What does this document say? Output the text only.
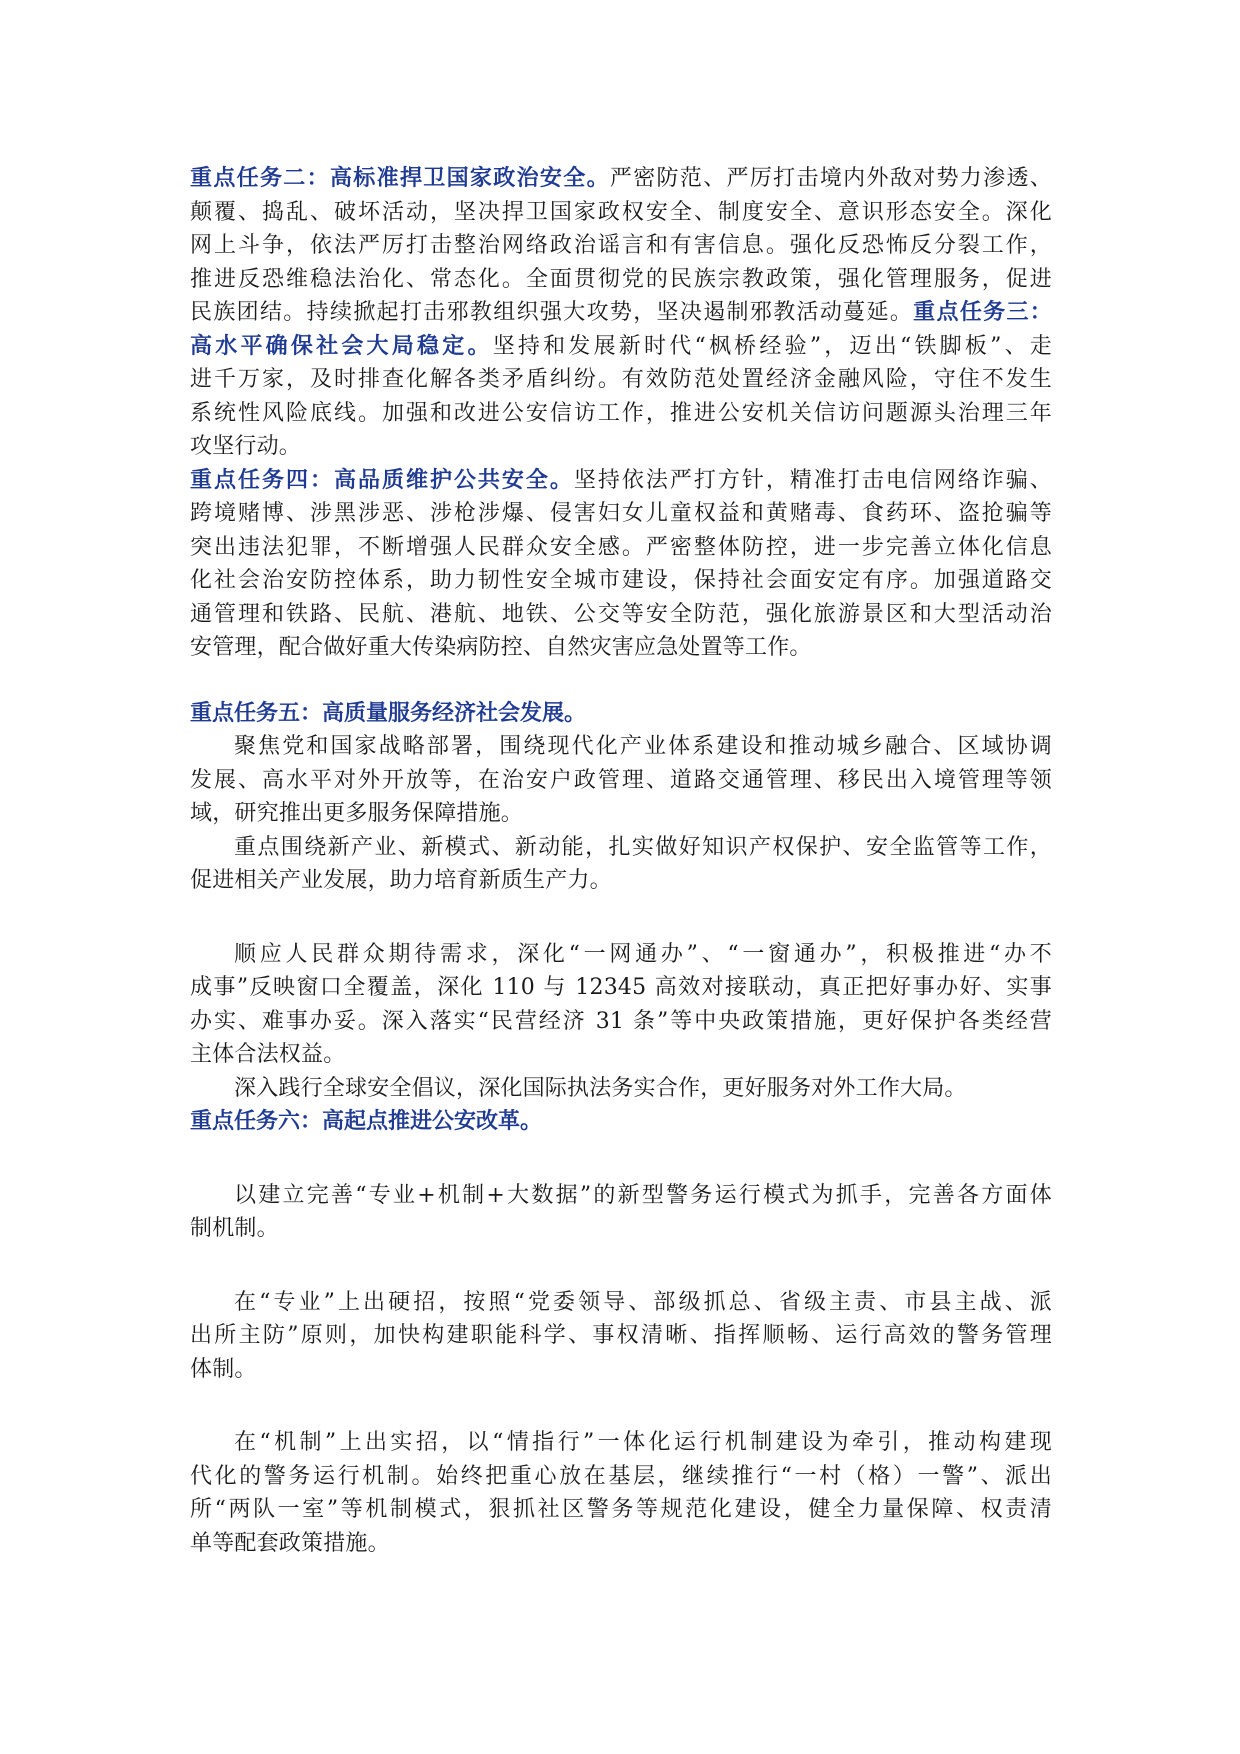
重点任务二：高标准捍卫国家政治安全。严密防范、严厉打击境内外敌对势力渗透、
颠覆、捣乱、破坏活动，坚决捍卫国家政权安全、制度安全、意识形态安全。深化
网上斗争，依法严厉打击整治网络政治谣言和有害信息。强化反恐怖反分裂工作，
推进反恐维稳法治化、常态化。全面贯彻党的民族宗教政策，强化管理服务，促进
民族团结。持续掀起打击邪教组织强大攻势，坚决遏制邪教活动蔓延。重点任务三：
高水平确保社会大局稳定。坚持和发展新时代“枫桥经验”，迈出“铁脚板”、走
进千万家，及时排查化解各类矛盾纠纷。有效防范处置经济金融风险，守住不发生
系统性风险底线。加强和改进公安信访工作，推进公安机关信访问题源头治理三年
攻坚行动。
重点任务四：高品质维护公共安全。坚持依法严打方针，精准打击电信网络诈骗、
跨境赌博、涉黑涉恶、涉枪涉爆、侵害妇女儿童权益和黄赌毒、食药环、盗抢骗等
突出违法犯罪，不断增强人民群众安全感。严密整体防控，进一步完善立体化信息
化社会治安防控体系，助力韧性安全城市建设，保持社会面安定有序。加强道路交
通管理和铁路、民航、港航、地铁、公交等安全防范，强化旅游景区和大型活动治
安管理，配合做好重大传染病防控、自然灾害应急处置等工作。
重点任务五：高质量服务经济社会发展。
聚焦党和国家战略部署，围绕现代化产业体系建设和推动城乡融合、区域协调
发展、高水平对外开放等，在治安户政管理、道路交通管理、移民出入境管理等领
域，研究推出更多服务保障措施。
重点围绕新产业、新模式、新动能，扎实做好知识产权保护、安全监管等工作，
促进相关产业发展，助力培育新质生产力。
顺应人民群众期待需求，深化“一网通办”、“一窗通办”，积极推进“办不
成事”反映窗口全覆盖，深化 110 与 12345 高效对接联动，真正把好事办好、实事
办实、难事办妥。深入落实“民营经济 31 条”等中央政策措施，更好保护各类经营
主体合法权益。
深入践行全球安全倡议，深化国际执法务实合作，更好服务对外工作大局。
重点任务六：高起点推进公安改革。
以建立完善“专业+机制+大数据”的新型警务运行模式为抓手，完善各方面体
制机制。
在“专业”上出硬招，按照“党委领导、部级抓总、省级主责、市县主战、派
出所主防”原则，加快构建职能科学、事权清晰、指挥顺畅、运行高效的警务管理
体制。
在“机制”上出实招，以“情指行”一体化运行机制建设为牵引，推动构建现
代化的警务运行机制。始终把重心放在基层，继续推行“一村（格）一警”、派出
所“两队一室”等机制模式，狠抓社区警务等规范化建设，健全力量保障、权责清
单等配套政策措施。
